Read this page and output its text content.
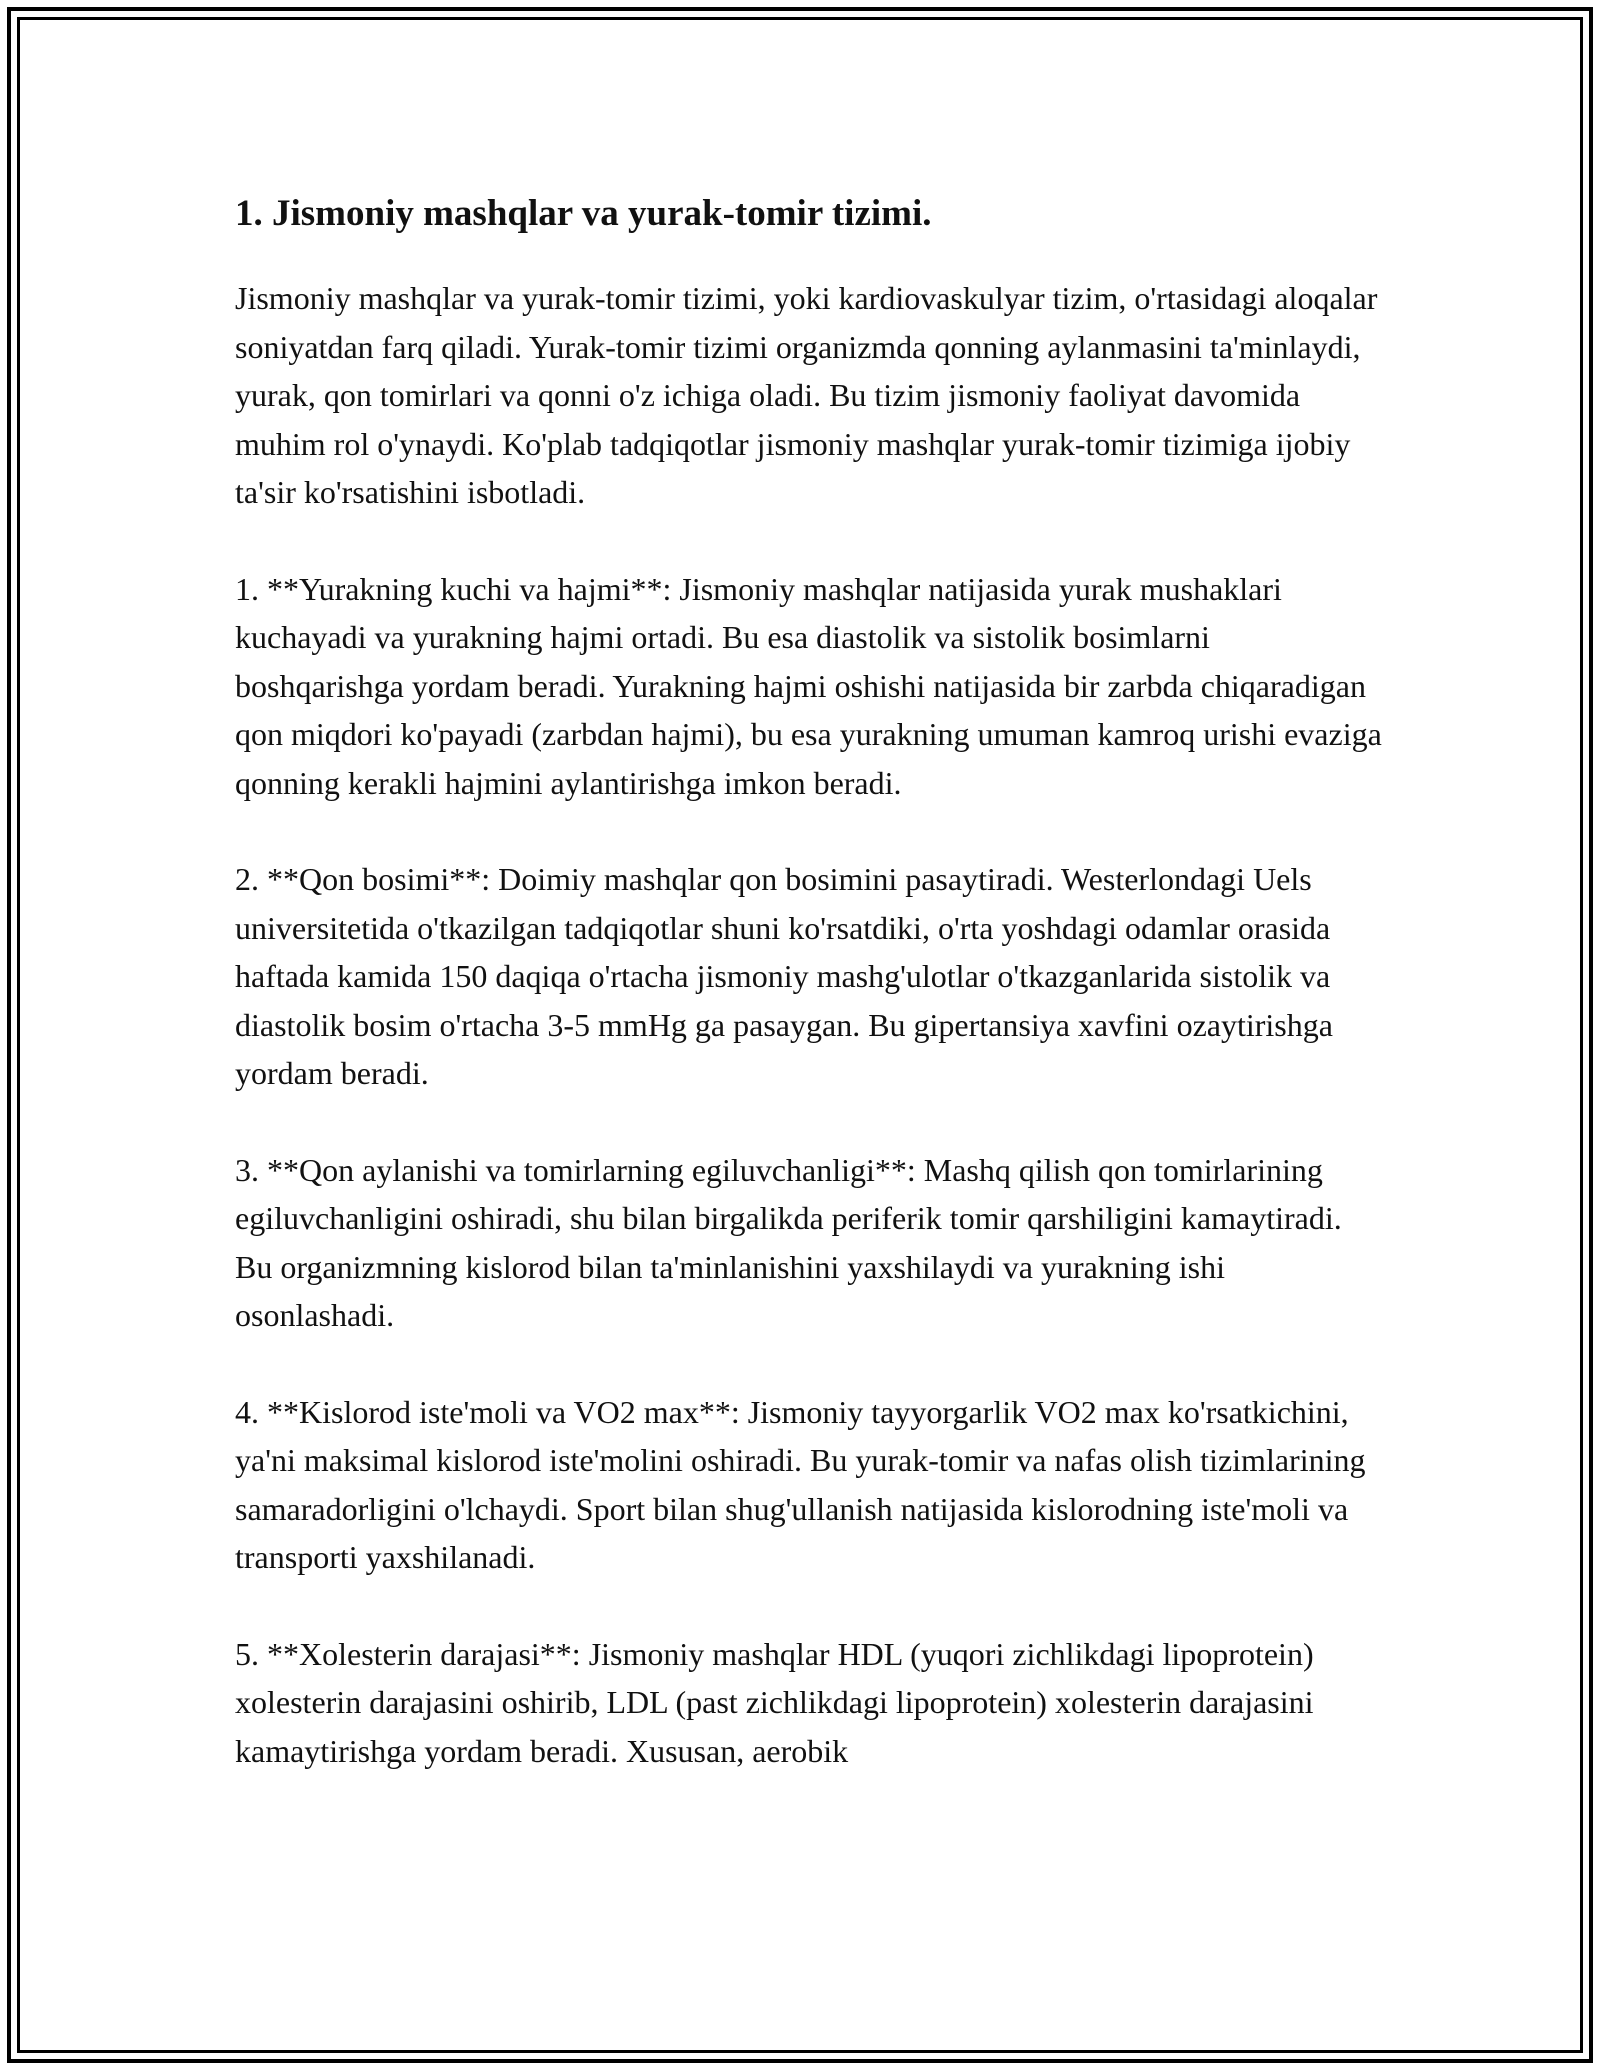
1. Jismoniy mashqlar va yurak-tomir tizimi.

Jismoniy mashqlar va yurak-tomir tizimi, yoki kardiovaskulyar tizim, o'rtasidagi aloqalar soniyatdan farq qiladi. Yurak-tomir tizimi organizmda qonning aylanmasini ta'minlaydi, yurak, qon tomirlari va qonni o'z ichiga oladi. Bu tizim jismoniy faoliyat davomida muhim rol o'ynaydi. Ko'plab tadqiqotlar jismoniy mashqlar yurak-tomir tizimiga ijobiy ta'sir ko'rsatishini isbotladi.

1. **Yurakning kuchi va hajmi**: Jismoniy mashqlar natijasida yurak mushaklari kuchayadi va yurakning hajmi ortadi. Bu esa diastolik va sistolik bosimlarni boshqarishga yordam beradi. Yurakning hajmi oshishi natijasida bir zarbda chiqaradigan qon miqdori ko'payadi (zarbdan hajmi), bu esa yurakning umuman kamroq urishi evaziga qonning kerakli hajmini aylantirishga imkon beradi.

2. **Qon bosimi**: Doimiy mashqlar qon bosimini pasaytiradi. Westerlondagi Uels universitetida o'tkazilgan tadqiqotlar shuni ko'rsatdiki, o'rta yoshdagi odamlar orasida haftada kamida 150 daqiqa o'rtacha jismoniy mashg'ulotlar o'tkazganlarida sistolik va diastolik bosim o'rtacha 3-5 mmHg ga pasaygan. Bu gipertansiya xavfini ozaytirishga yordam beradi.

3. **Qon aylanishi va tomirlarning egiluvchanligi**: Mashq qilish qon tomirlarining egiluvchanligini oshiradi, shu bilan birgalikda periferik tomir qarshiligini kamaytiradi. Bu organizmning kislorod bilan ta'minlanishini yaxshilaydi va yurakning ishi osonlashadi.

4. **Kislorod iste'moli va VO2 max**: Jismoniy tayyorgarlik VO2 max ko'rsatkichini, ya'ni maksimal kislorod iste'molini oshiradi. Bu yurak-tomir va nafas olish tizimlarining samaradorligini o'lchaydi. Sport bilan shug'ullanish natijasida kislorodning iste'moli va transporti yaxshilanadi.

5. **Xolesterin darajasi**: Jismoniy mashqlar HDL (yuqori zichlikdagi lipoprotein) xolesterin darajasini oshirib, LDL (past zichlikdagi lipoprotein) xolesterin darajasini kamaytirishga yordam beradi. Xususan, aerobik
